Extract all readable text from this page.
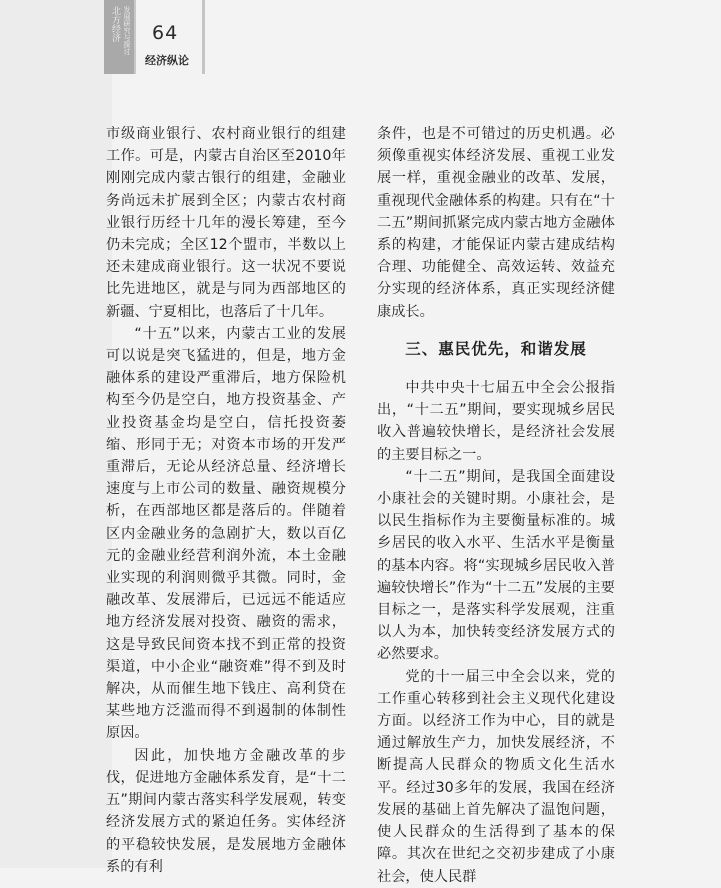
北方经济 发展研究与探讨 64
经济纵论

市级商业银行、农村商业银行的组建工作。可是，内蒙古自治区至2010年刚刚完成内蒙古银行的组建，金融业务尚远未扩展到全区；内蒙古农村商业银行历经十几年的漫长筹建，至今仍未完成；全区12个盟市，半数以上还未建成商业银行。这一状况不要说比先进地区，就是与同为西部地区的新疆、宁夏相比，也落后了十几年。

“十五”以来，内蒙古工业的发展可以说是突飞猛进的，但是，地方金融体系的建设严重滞后，地方保险机构至今仍是空白，地方投资基金、产业投资基金均是空白，信托投资萎缩、形同于无；对资本市场的开发严重滞后，无论从经济总量、经济增长速度与上市公司的数量、融资规模分析，在西部地区都是落后的。伴随着区内金融业务的急剧扩大，数以百亿元的金融业经营利润外流，本土金融业实现的利润则微乎其微。同时，金融改革、发展滞后，已远远不能适应地方经济发展对投资、融资的需求，这是导致民间资本找不到正常的投资渠道，中小企业“融资难”得不到及时解决，从而催生地下钱庄、高利贷在某些地方泛滥而得不到遏制的体制性原因。

因此，加快地方金融改革的步伐，促进地方金融体系发育，是“十二五”期间内蒙古落实科学发展观，转变经济发展方式的紧迫任务。实体经济的平稳较快发展，是发展地方金融体系的有利

条件，也是不可错过的历史机遇。必须像重视实体经济发展、重视工业发展一样，重视金融业的改革、发展，重视现代金融体系的构建。只有在“十二五”期间抓紧完成内蒙古地方金融体系的构建，才能保证内蒙古建成结构合理、功能健全、高效运转、效益充分实现的经济体系，真正实现经济健康成长。

三、惠民优先，和谐发展

中共中央十七届五中全会公报指出，“十二五”期间，要实现城乡居民收入普遍较快增长，是经济社会发展的主要目标之一。

“十二五”期间，是我国全面建设小康社会的关键时期。小康社会，是以民生指标作为主要衡量标准的。城乡居民的收入水平、生活水平是衡量的基本内容。将“实现城乡居民收入普遍较快增长”作为“十二五”发展的主要目标之一，是落实科学发展观，注重以人为本，加快转变经济发展方式的必然要求。

党的十一届三中全会以来，党的工作重心转移到社会主义现代化建设方面。以经济工作为中心，目的就是通过解放生产力，加快发展经济，不断提高人民群众的物质文化生活水平。经过30多年的发展，我国在经济发展的基础上首先解决了温饱问题，使人民群众的生活得到了基本的保障。其次在世纪之交初步建成了小康社会，使人民群
